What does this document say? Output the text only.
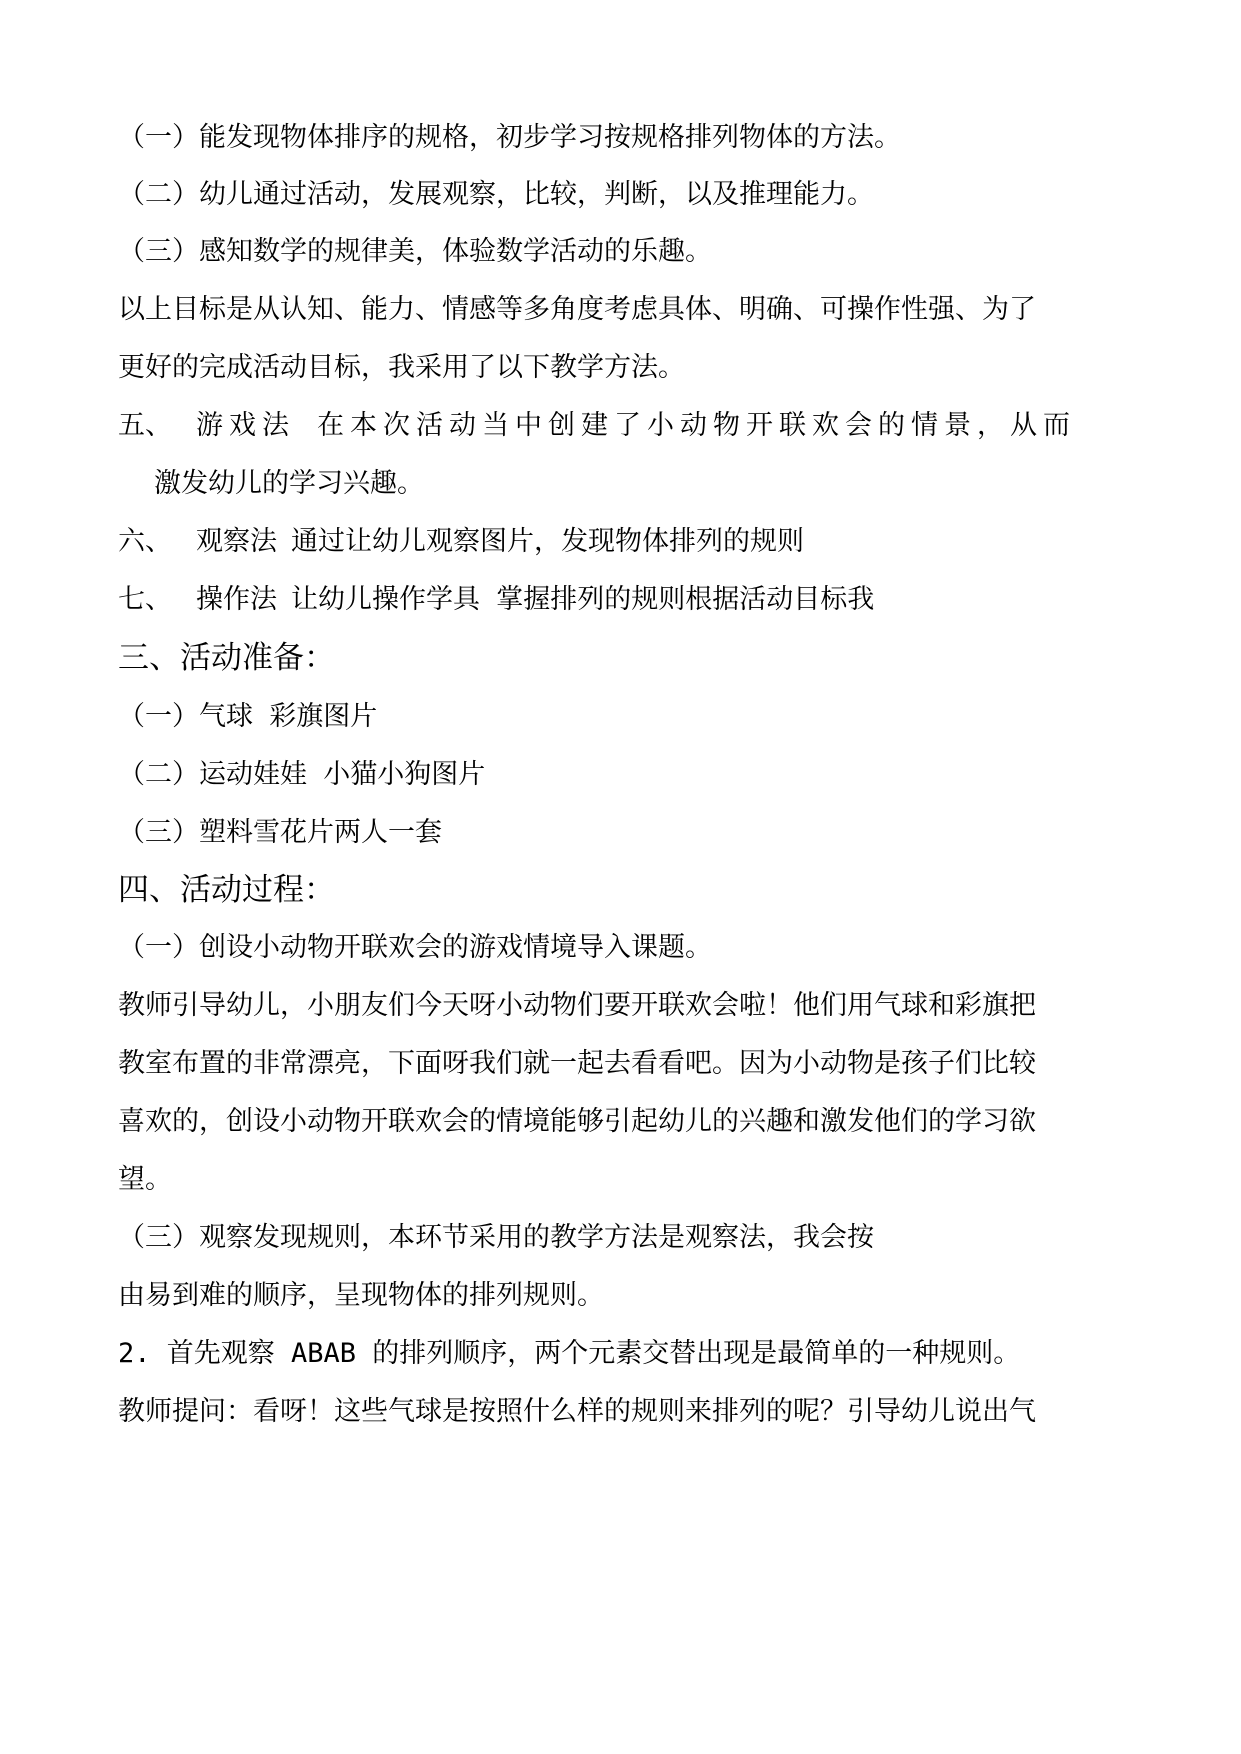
（一）能发现物体排序的规格，初步学习按规格排列物体的方法。
（二）幼儿通过活动，发展观察，比较，判断，以及推理能力。
（三）感知数学的规律美，体验数学活动的乐趣。
以上目标是从认知、能力、情感等多角度考虑具体、明确、可操作性强、为了
更好的完成活动目标，我采用了以下教学方法。
五、 游戏法 在本次活动当中创建了小动物开联欢会的情景，从而
激发幼儿的学习兴趣。
六、 观察法 通过让幼儿观察图片，发现物体排列的规则
七、 操作法 让幼儿操作学具 掌握排列的规则根据活动目标我
三、活动准备：
（一）气球 彩旗图片
（二）运动娃娃 小猫小狗图片
（三）塑料雪花片两人一套
四、活动过程：
（一）创设小动物开联欢会的游戏情境导入课题。
教师引导幼儿，小朋友们今天呀小动物们要开联欢会啦！他们用气球和彩旗把
教室布置的非常漂亮，下面呀我们就一起去看看吧。因为小动物是孩子们比较
喜欢的，创设小动物开联欢会的情境能够引起幼儿的兴趣和激发他们的学习欲
望。
（三）观察发现规则，本环节采用的教学方法是观察法，我会按
由易到难的顺序，呈现物体的排列规则。
2. 首先观察 ABAB 的排列顺序，两个元素交替出现是最简单的一种规则。
教师提问：看呀！这些气球是按照什么样的规则来排列的呢？引导幼儿说出气
